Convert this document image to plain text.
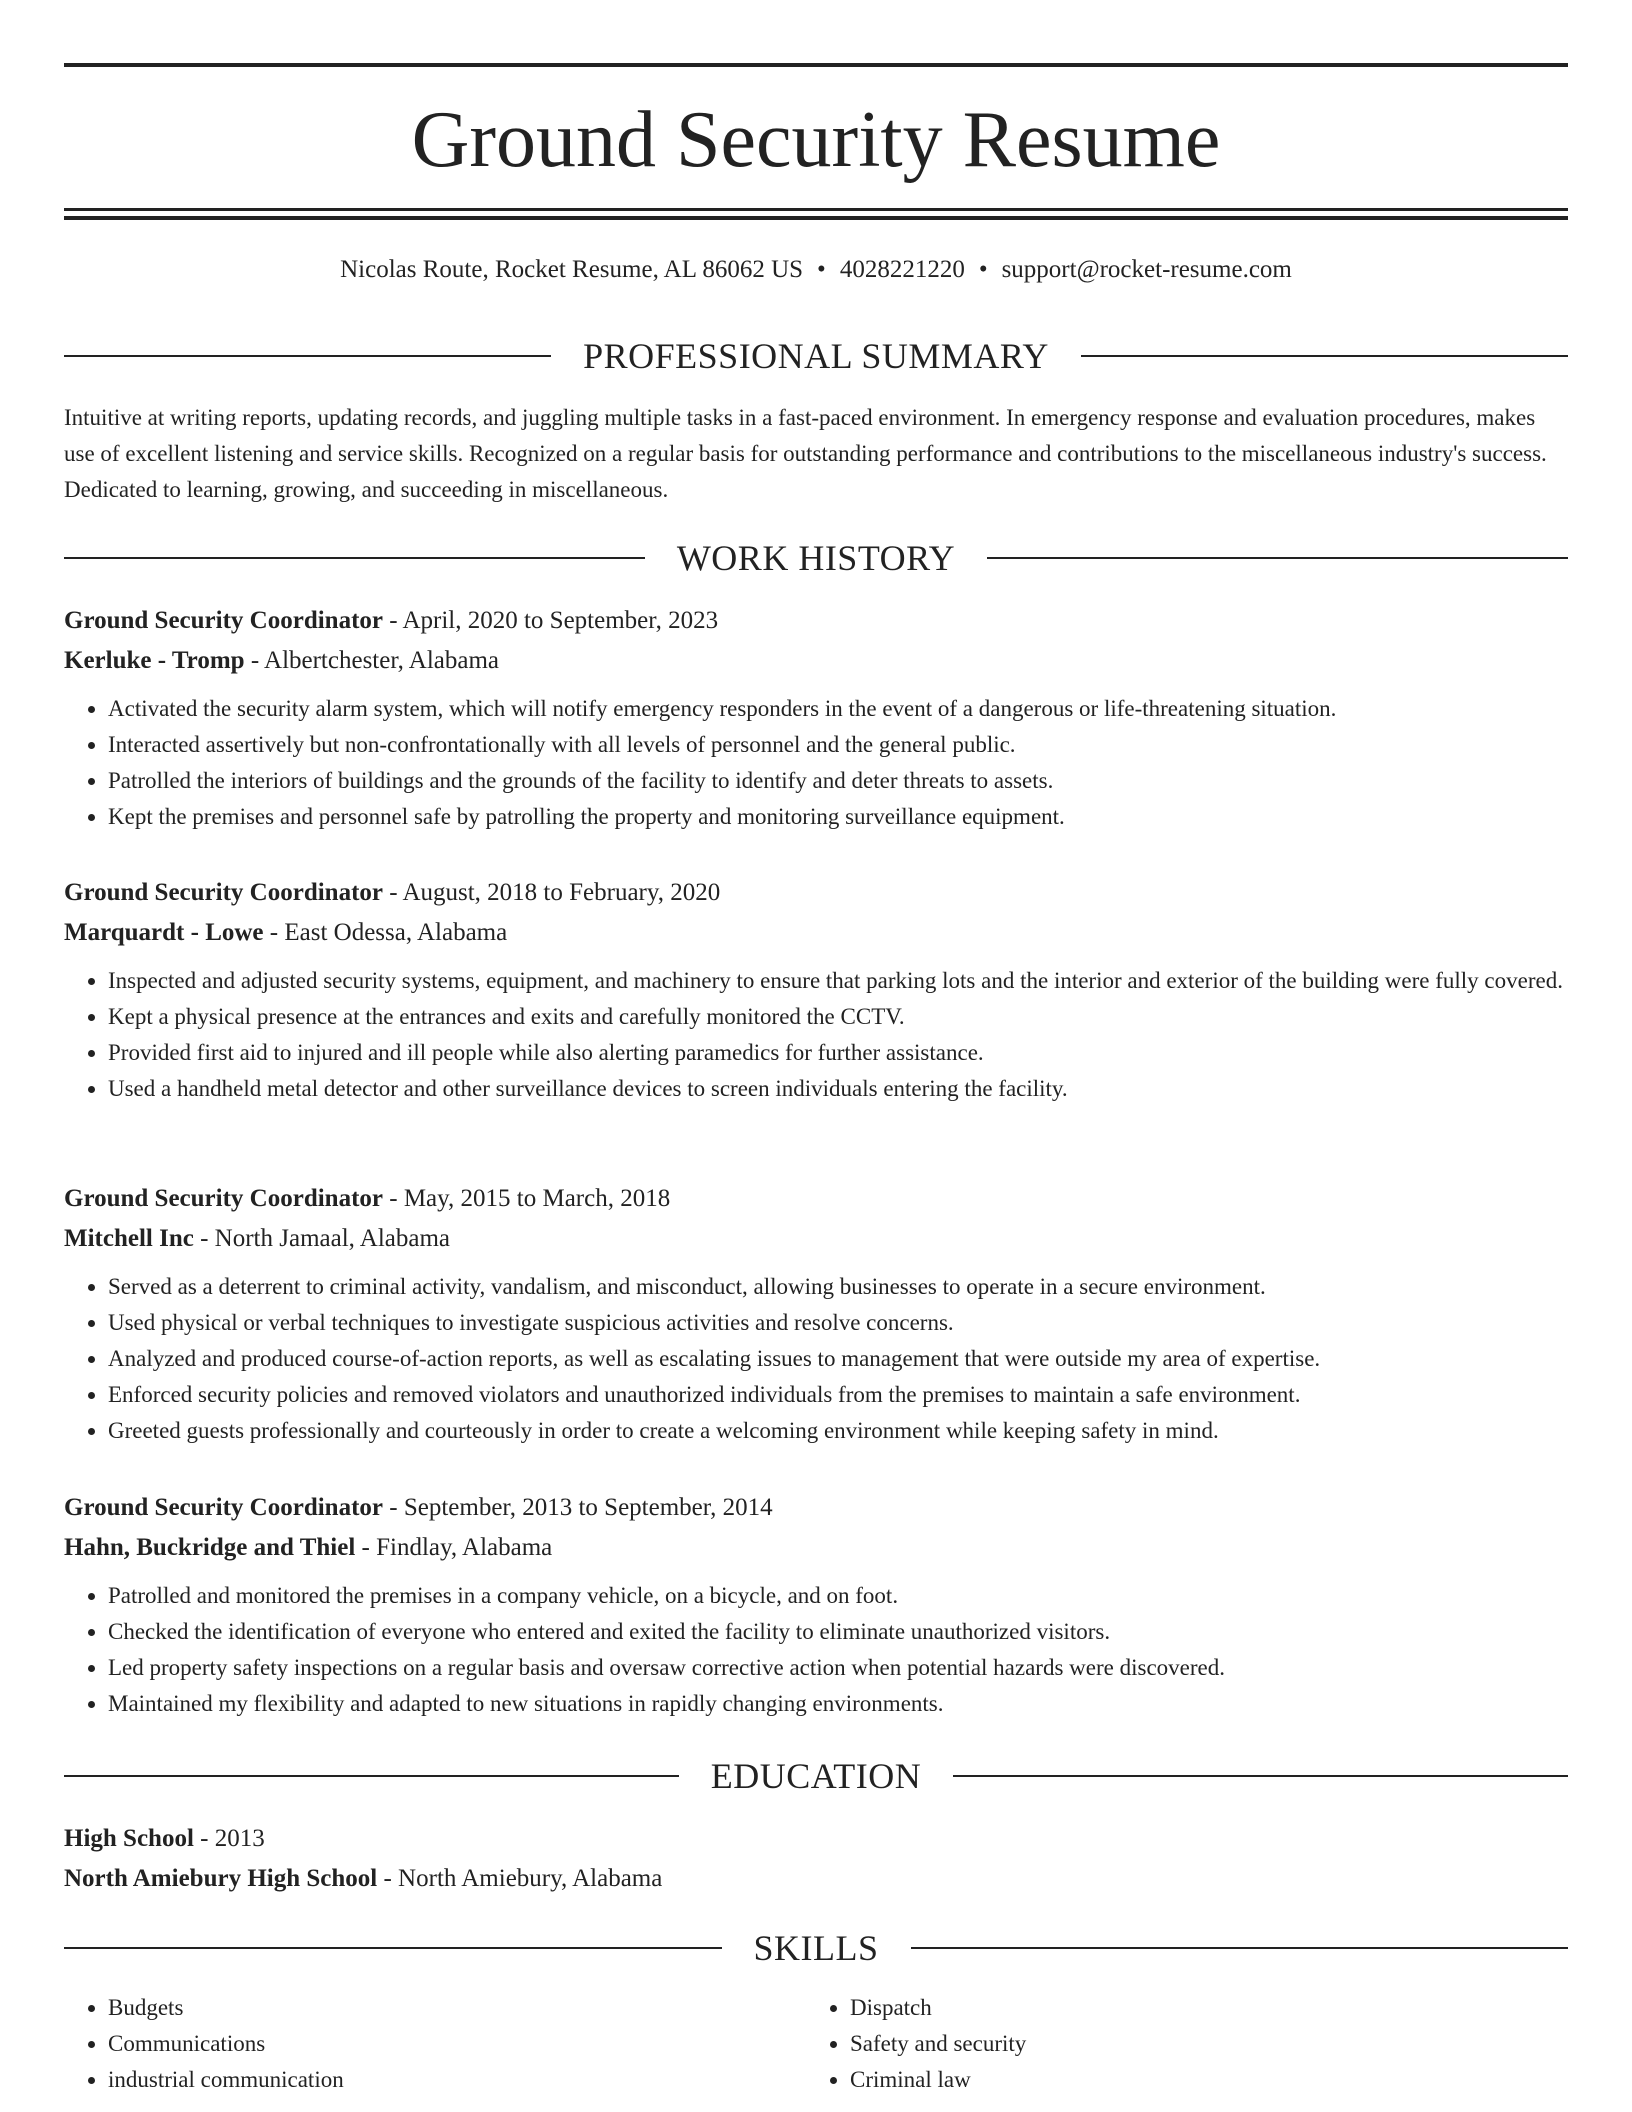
Ground Security Resume
Nicolas Route, Rocket Resume, AL 86062 US • 4028221220 • support@rocket-resume.com
PROFESSIONAL SUMMARY

Intuitive at writing reports, updating records, and juggling multiple tasks in a fast-paced environment. In emergency response and evaluation procedures, makes use of excellent listening and service skills. Recognized on a regular basis for outstanding performance and contributions to the miscellaneous industry's success. Dedicated to learning, growing, and succeeding in miscellaneous.

WORK HISTORY
Ground Security Coordinator - April, 2020 to September, 2023
Kerluke - Tromp - Albertchester, Alabama
• Activated the security alarm system, which will notify emergency responders in the event of a dangerous or life-threatening situation.
• Interacted assertively but non-confrontationally with all levels of personnel and the general public.
• Patrolled the interiors of buildings and the grounds of the facility to identify and deter threats to assets.
• Kept the premises and personnel safe by patrolling the property and monitoring surveillance equipment.
Ground Security Coordinator - August, 2018 to February, 2020
Marquardt - Lowe - East Odessa, Alabama
• Inspected and adjusted security systems, equipment, and machinery to ensure that parking lots and the interior and exterior of the building were fully covered.
• Kept a physical presence at the entrances and exits and carefully monitored the CCTV.
• Provided first aid to injured and ill people while also alerting paramedics for further assistance.
• Used a handheld metal detector and other surveillance devices to screen individuals entering the facility.
Ground Security Coordinator - May, 2015 to March, 2018
Mitchell Inc - North Jamaal, Alabama
• Served as a deterrent to criminal activity, vandalism, and misconduct, allowing businesses to operate in a secure environment.
• Used physical or verbal techniques to investigate suspicious activities and resolve concerns.
• Analyzed and produced course-of-action reports, as well as escalating issues to management that were outside my area of expertise.
• Enforced security policies and removed violators and unauthorized individuals from the premises to maintain a safe environment.
• Greeted guests professionally and courteously in order to create a welcoming environment while keeping safety in mind.
Ground Security Coordinator - September, 2013 to September, 2014
Hahn, Buckridge and Thiel - Findlay, Alabama
• Patrolled and monitored the premises in a company vehicle, on a bicycle, and on foot.
• Checked the identification of everyone who entered and exited the facility to eliminate unauthorized visitors.
• Led property safety inspections on a regular basis and oversaw corrective action when potential hazards were discovered.
• Maintained my flexibility and adapted to new situations in rapidly changing environments.
EDUCATION
High School - 2013
North Amiebury High School - North Amiebury, Alabama
SKILLS
• Budgets
• Communications
• industrial communication
• Dispatch
• Safety and security
• Criminal law
